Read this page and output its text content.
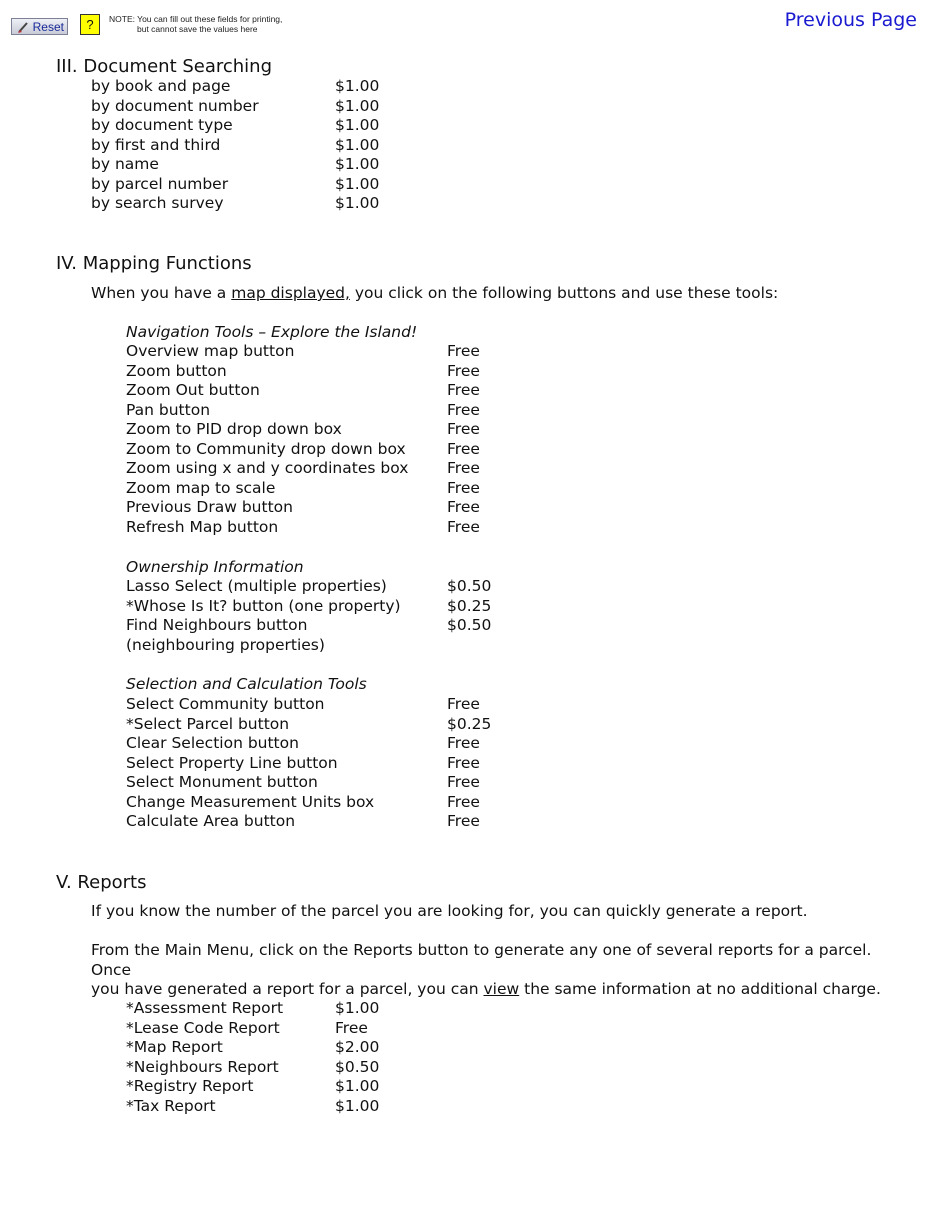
Reset	?	NOTE: You can fill out these fields for printing,
but cannot save the values here	Previous Page
III. Document Searching
by book and page	$1.00
by document number	$1.00
by document type	$1.00
by first and third	$1.00
by name	$1.00
by parcel number	$1.00
by search survey	$1.00
IV. Mapping Functions
When you have a map displayed, you click on the following buttons and use these tools:
Navigation Tools – Explore the Island!
Overview map button	Free
Zoom button	Free
Zoom Out button	Free
Pan button	Free
Zoom to PID drop down box	Free
Zoom to Community drop down box	Free
Zoom using x and y coordinates box Free
Zoom map to scale	Free
Previous Draw button	Free
Refresh Map button	Free
Ownership Information
Lasso Select (multiple properties)	$0.50
*Whose Is It? button (one property)	$0.25
Find Neighbours button	$0.50
(neighbouring properties)
Selection and Calculation Tools
Select Community button	Free
*Select Parcel button	$0.25
Clear Selection button	Free
Select Property Line button	Free
Select Monument button	Free
Change Measurement Units box	Free
Calculate Area button	Free
V. Reports
If you know the number of the parcel you are looking for, you can quickly generate a report.
From the Main Menu, click on the Reports button to generate any one of several reports for a parcel. Once
you have generated a report for a parcel, you can view the same information at no additional charge.
*Assessment Report	$1.00
*Lease Code Report	Free
*Map Report	$2.00
*Neighbours Report	$0.50
*Registry Report	$1.00
*Tax Report	$1.00
